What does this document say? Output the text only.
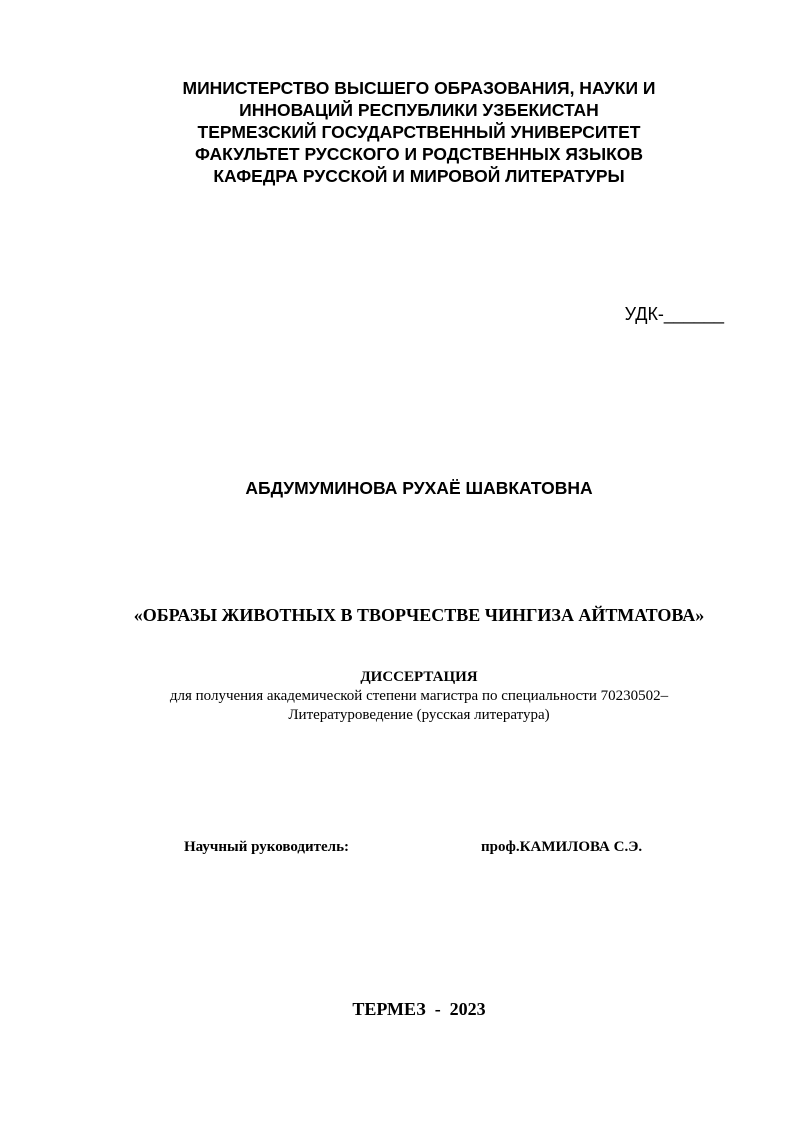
МИНИСТЕРСТВО ВЫСШЕГО ОБРАЗОВАНИЯ, НАУКИ И
ИННОВАЦИЙ РЕСПУБЛИКИ УЗБЕКИСТАН
ТЕРМЕЗСКИЙ ГОСУДАРСТВЕННЫЙ УНИВЕРСИТЕТ
ФАКУЛЬТЕТ РУССКОГО И РОДСТВЕННЫХ ЯЗЫКОВ
КАФЕДРА РУССКОЙ И МИРОВОЙ ЛИТЕРАТУРЫ
УДК-______
АБДУМУМИНОВА РУХАЁ ШАВКАТОВНА
«ОБРАЗЫ ЖИВОТНЫХ В ТВОРЧЕСТВЕ ЧИНГИЗА АЙТМАТОВА»
ДИССЕРТАЦИЯ
для получения академической степени магистра по специальности 70230502–
Литературоведение (русская литература)
Научный руководитель:	проф.КАМИЛОВА С.Э.
ТЕРМЕЗ  -  2023
